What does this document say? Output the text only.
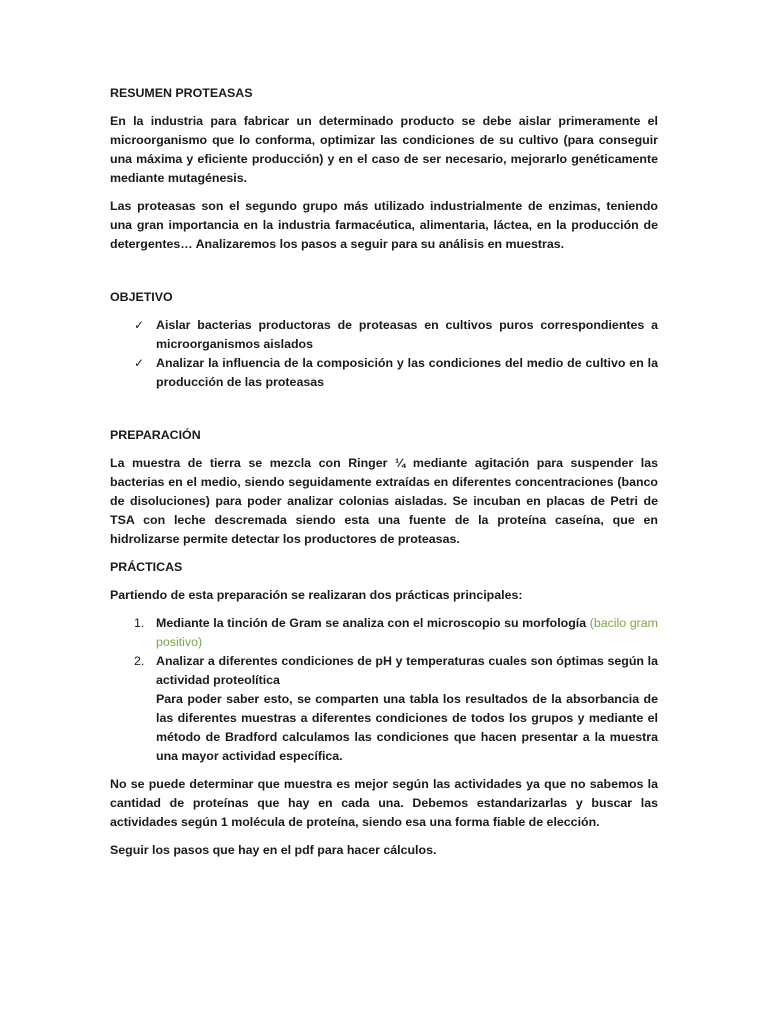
RESUMEN PROTEASAS

En la industria para fabricar un determinado producto se debe aislar primeramente el microorganismo que lo conforma, optimizar las condiciones de su cultivo (para conseguir una máxima y eficiente producción) y en el caso de ser necesario, mejorarlo genéticamente mediante mutagénesis.

Las proteasas son el segundo grupo más utilizado industrialmente de enzimas, teniendo una gran importancia en la industria farmacéutica, alimentaria, láctea, en la producción de detergentes… Analizaremos los pasos a seguir para su análisis en muestras.

OBJETIVO

✓ Aislar bacterias productoras de proteasas en cultivos puros correspondientes a microorganismos aislados
✓ Analizar la influencia de la composición y las condiciones del medio de cultivo en la producción de las proteasas

PREPARACIÓN

La muestra de tierra se mezcla con Ringer ¼ mediante agitación para suspender las bacterias en el medio, siendo seguidamente extraídas en diferentes concentraciones (banco de disoluciones) para poder analizar colonias aisladas. Se incuban en placas de Petri de TSA con leche descremada siendo esta una fuente de la proteína caseína, que en hidrolizarse permite detectar los productores de proteasas.

PRÁCTICAS

Partiendo de esta preparación se realizaran dos prácticas principales:

1. Mediante la tinción de Gram se analiza con el microscopio su morfología (bacilo gram positivo)
2. Analizar a diferentes condiciones de pH y temperaturas cuales son óptimas según la actividad proteolítica
Para poder saber esto, se comparten una tabla los resultados de la absorbancia de las diferentes muestras a diferentes condiciones de todos los grupos y mediante el método de Bradford calculamos las condiciones que hacen presentar a la muestra una mayor actividad específica.

No se puede determinar que muestra es mejor según las actividades ya que no sabemos la cantidad de proteínas que hay en cada una. Debemos estandarizarlas y buscar las actividades según 1 molécula de proteína, siendo esa una forma fiable de elección.

Seguir los pasos que hay en el pdf para hacer cálculos.
